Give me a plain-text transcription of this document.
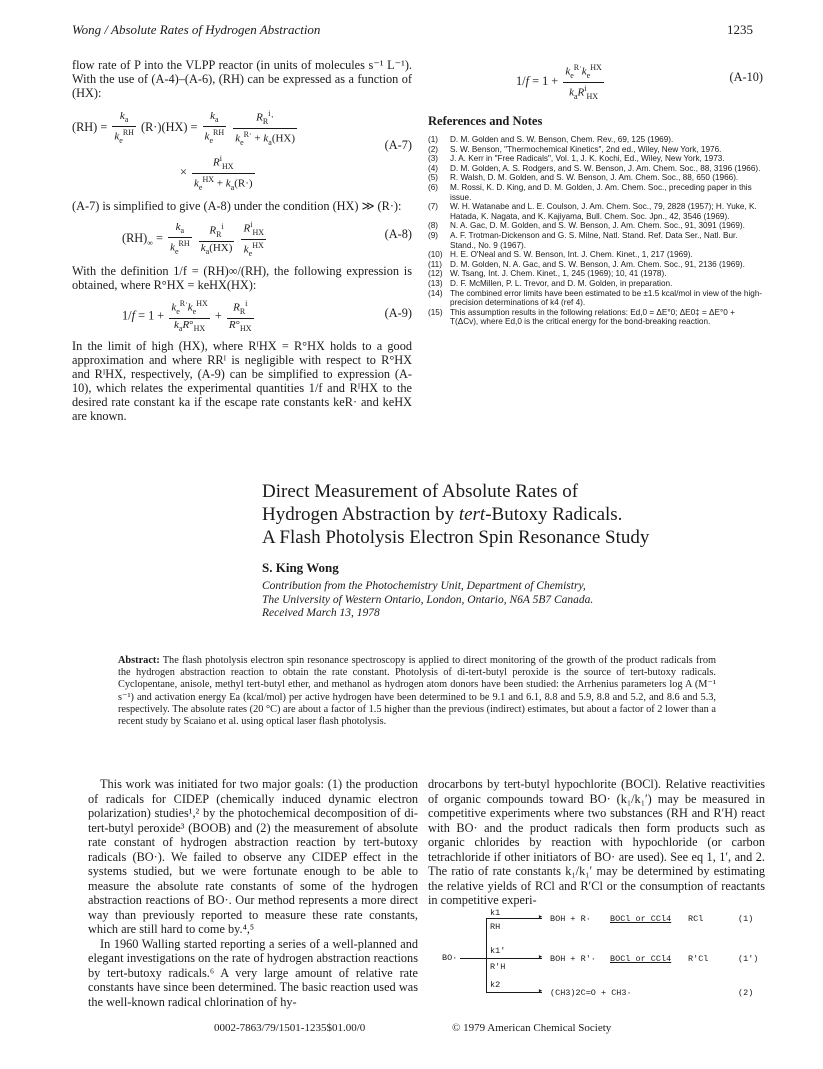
Wong / Absolute Rates of Hydrogen Abstraction	1235

flow rate of P into the VLPP reactor (in units of molecules s⁻¹ L⁻¹). With the use of (A-4)–(A-6), (RH) can be expressed as a function of (HX):

$(RH) = \frac{k_a}{k_e^{RH}} (R\cdot)(HX) = \frac{k_a}{k_e^{RH}}$
$\frac{R_R^i\cdot}{k_e^{R\cdot} + k_a(HX)}$
× $\frac{R^i_{HX}}{k_e^{HX} + k_a(R\cdot)}$
(A-7)

(A-7) is simplified to give (A-8) under the condition (HX) ≫ (R·):

$(RH)_\infty = \frac{k_a}{k_e^{RH}}$
$\frac{R_R^i}{k_a(HX)}$
$\frac{R^i_{HX}}{k_e^{HX}}$	(A-8)

With the definition 1/f = (RH)∞/(RH), the following expression is obtained, where R°HX = keHX(HX):

$1/f = 1 + \frac{k_e^{R\cdot}k_e^{HX}}{k_aR^\circ_{HX}} + \frac{R_R^i}{R^\circ_{HX}}$	(A-9)

In the limit of high (HX), where RᴵHX = R°HX holds to a good approximation and where RRᴵ is negligible with respect to R°HX and RᴵHX, respectively, (A-9) can be simplified to expression (A-10), which relates the experimental quantities 1/f and RᴵHX to the desired rate constant ka if the escape rate constants keR· and keHX are known.

$1/f = 1 + \frac{k_e^{R\cdot}k_e^{HX}}{k_aR^i_{HX}}$	(A-10)
References and Notes
(1) D. M. Golden and S. W. Benson, Chem. Rev., 69, 125 (1969).
(2) S. W. Benson, "Thermochemical Kinetics", 2nd ed., Wiley, New York, 1976.
(3) J. A. Kerr in "Free Radicals", Vol. 1, J. K. Kochi, Ed., Wiley, New York, 1973.
(4) D. M. Golden, A. S. Rodgers, and S. W. Benson, J. Am. Chem. Soc., 88, 3196 (1966).
(5) R. Walsh, D. M. Golden, and S. W. Benson, J. Am. Chem. Soc., 88, 650 (1966).
(6) M. Rossi, K. D. King, and D. M. Golden, J. Am. Chem. Soc., preceding paper in this issue.
(7) W. H. Watanabe and L. E. Coulson, J. Am. Chem. Soc., 79, 2828 (1957); H. Yuke, K. Hatada, K. Nagata, and K. Kajiyama, Bull. Chem. Soc. Jpn., 42, 3546 (1969).
(8) N. A. Gac, D. M. Golden, and S. W. Benson, J. Am. Chem. Soc., 91, 3091 (1969).
(9) A. F. Trotman-Dickenson and G. S. Milne, Natl. Stand. Ref. Data Ser., Natl. Bur. Stand., No. 9 (1967).
(10) H. E. O'Neal and S. W. Benson, Int. J. Chem. Kinet., 1, 217 (1969).
(11) D. M. Golden, N. A. Gac, and S. W. Benson, J. Am. Chem. Soc., 91, 2136 (1969).
(12) W. Tsang, Int. J. Chem. Kinet., 1, 245 (1969); 10, 41 (1978).
(13) D. F. McMillen, P. L. Trevor, and D. M. Golden, in preparation.
(14) The combined error limits have been estimated to be ±1.5 kcal/mol in view of the high-precision determinations of k4 (ref 4).
(15) This assumption results in the following relations: Ed,0 = ΔE°0; ΔE0‡ = ΔE°0 + T(ΔCv), where Ed,0 is the critical energy for the bond-breaking reaction.
Direct Measurement of Absolute Rates of
Hydrogen Abstraction by tert-Butoxy Radicals.
A Flash Photolysis Electron Spin Resonance Study
S. King Wong
Contribution from the Photochemistry Unit, Department of Chemistry,
The University of Western Ontario, London, Ontario, N6A 5B7 Canada.
Received March 13, 1978
Abstract: The flash photolysis electron spin resonance spectroscopy is applied to direct monitoring of the growth of the product radicals from the hydrogen abstraction reaction to obtain the rate constant. Photolysis of di-tert-butyl peroxide is the source of tert-butoxy radicals. Cyclopentane, anisole, methyl tert-butyl ether, and methanol as hydrogen atom donors have been studied: the Arrhenius parameters log A (M⁻¹ s⁻¹) and activation energy Ea (kcal/mol) per active hydrogen have been determined to be 9.1 and 6.1, 8.8 and 5.9, 8.8 and 5.2, and 8.6 and 5.3, respectively. The absolute rates (20 °C) are about a factor of 1.5 higher than the previous (indirect) estimates, but about a factor of 2 lower than a recent study by Scaiano et al. using optical laser flash photolysis.

This work was initiated for two major goals: (1) the production of radicals for CIDEP (chemically induced dynamic electron polarization) studies¹,² by the photochemical decomposition of di-tert-butyl peroxide³ (BOOB) and (2) the measurement of absolute rate constant of hydrogen abstraction reaction by tert-butoxy radicals (BO·). We failed to observe any CIDEP effect in the systems studied, but we were fortunate enough to be able to measure the absolute rate constants of some of the hydrogen abstraction reactions of BO·. Our method represents a more direct way than previously reported to measure these rate constants, which are still hard to come by.⁴,⁵

In 1960 Walling started reporting a series of a well-planned and elegant investigations on the rate of hydrogen abstraction reactions by tert-butoxy radicals.⁶ A very large amount of relative rate constants have since been determined. The basic reaction used was the well-known radical chlorination of hy-

drocarbons by tert-butyl hypochlorite (BOCl). Relative reactivities of organic compounds toward BO· (k₁/k₁′) may be measured in competitive experiments where two substances (RH and R′H) react with BO· and the product radicals then form products such as organic chlorides by reaction with hypochloride (or carbon tetrachloride if other initiators of BO· are used). See eq 1, 1′, and 2. The ratio of rate constants k₁/k₁′ may be determined by estimating the relative yields of RCl and R′Cl or the consumption of reactants in competitive experi-

BO·
▸
k1
RH
BOH + R· BOCl or CCl4 RCl	(1)
▸
k1′
R′H
BOH + R′· BOCl or CCl4 R′Cl	(1′)
▸
k2
(CH3)2C=O + CH3·	(2)
0002-7863/79/1501-1235$01.00/0	© 1979 American Chemical Society
